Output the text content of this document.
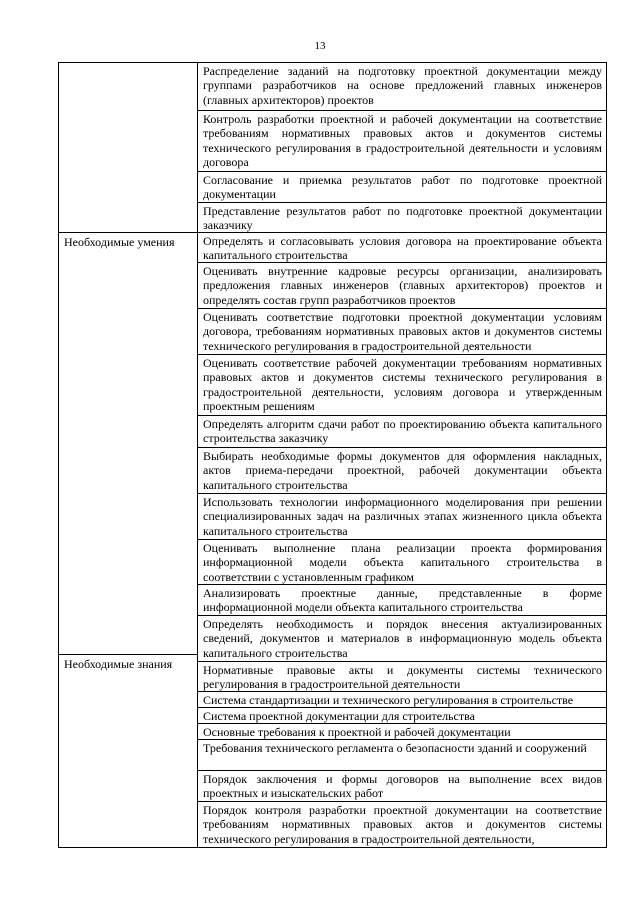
13
Необходимые умения
Необходимые знания
Распределение заданий на подготовку проектной документации между группами разработчиков на основе предложений главных инженеров (главных архитекторов) проектов
Контроль разработки проектной и рабочей документации на соответствие требованиям нормативных правовых актов и документов системы технического регулирования в градостроительной деятельности и условиям договора
Согласование и приемка результатов работ по подготовке проектной документации
Представление результатов работ по подготовке проектной документации заказчику
Определять и согласовывать условия договора на проектирование объекта капитального строительства
Оценивать внутренние кадровые ресурсы организации, анализировать предложения главных инженеров (главных архитекторов) проектов и определять состав групп разработчиков проектов
Оценивать соответствие подготовки проектной документации условиям договора, требованиям нормативных правовых актов и документов системы технического регулирования в градостроительной деятельности
Оценивать соответствие рабочей документации требованиям нормативных правовых актов и документов системы технического регулирования в градостроительной деятельности, условиям договора и утвержденным проектным решениям
Определять алгоритм сдачи работ по проектированию объекта капитального строительства заказчику
Выбирать необходимые формы документов для оформления накладных, актов приема-передачи проектной, рабочей документации объекта капитального строительства
Использовать технологии информационного моделирования при решении специализированных задач на различных этапах жизненного цикла объекта капитального строительства
Оценивать выполнение плана реализации проекта формирования информационной модели объекта капитального строительства в соответствии с установленным графиком
Анализировать проектные данные, представленные в форме информационной модели объекта капитального строительства
Определять необходимость и порядок внесения актуализированных сведений, документов и материалов в информационную модель объекта капитального строительства
Нормативные правовые акты и документы системы технического регулирования в градостроительной деятельности
Система стандартизации и технического регулирования в строительстве
Система проектной документации для строительства
Основные требования к проектной и рабочей документации
Требования технического регламента о безопасности зданий и сооружений
Порядок заключения и формы договоров на выполнение всех видов проектных и изыскательских работ
Порядок контроля разработки проектной документации на соответствие требованиям нормативных правовых актов и документов системы технического регулирования в градостроительной деятельности,
